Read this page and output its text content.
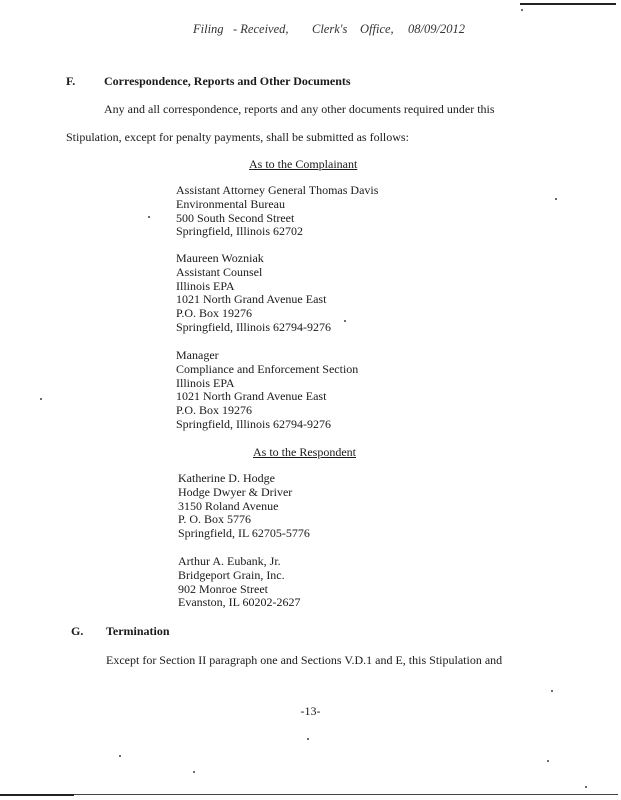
Filing - Received, Clerk's Office, 08/09/2012
F. Correspondence, Reports and Other Documents
Any and all correspondence, reports and any other documents required under this
Stipulation, except for penalty payments, shall be submitted as follows:
As to the Complainant
Assistant Attorney General Thomas Davis
Environmental Bureau
500 South Second Street
Springfield, Illinois 62702
Maureen Wozniak
Assistant Counsel
Illinois EPA
1021 North Grand Avenue East
P.O. Box 19276
Springfield, Illinois 62794-9276
Manager
Compliance and Enforcement Section
Illinois EPA
1021 North Grand Avenue East
P.O. Box 19276
Springfield, Illinois 62794-9276
As to the Respondent
Katherine D. Hodge
Hodge Dwyer & Driver
3150 Roland Avenue
P. O. Box 5776
Springfield, IL 62705-5776
Arthur A. Eubank, Jr.
Bridgeport Grain, Inc.
902 Monroe Street
Evanston, IL 60202-2627
G. Termination
Except for Section II paragraph one and Sections V.D.1 and E, this Stipulation and
-13-
